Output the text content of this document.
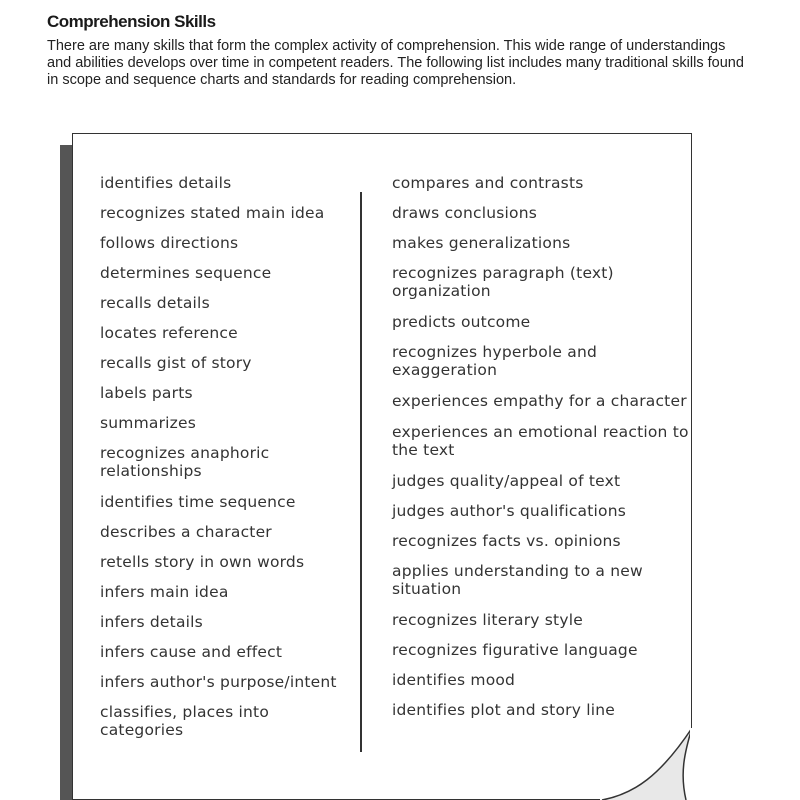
Comprehension Skills

There are many skills that form the complex activity of comprehension. This wide range of understandings and abilities develops over time in competent readers. The following list includes many traditional skills found in scope and sequence charts and standards for reading comprehension.

identifies details
recognizes stated main idea
follows directions
determines sequence
recalls details
locates reference
recalls gist of story
labels parts
summarizes
recognizes anaphoric relationships
identifies time sequence
describes a character
retells story in own words
infers main idea
infers details
infers cause and effect
infers author's purpose/intent
classifies, places into categories
compares and contrasts
draws conclusions
makes generalizations
recognizes paragraph (text) organization
predicts outcome
recognizes hyperbole and exaggeration
experiences empathy for a character
experiences an emotional reaction to the text
judges quality/appeal of text
judges author's qualifications
recognizes facts vs. opinions
applies understanding to a new situation
recognizes literary style
recognizes figurative language
identifies mood
identifies plot and story line
